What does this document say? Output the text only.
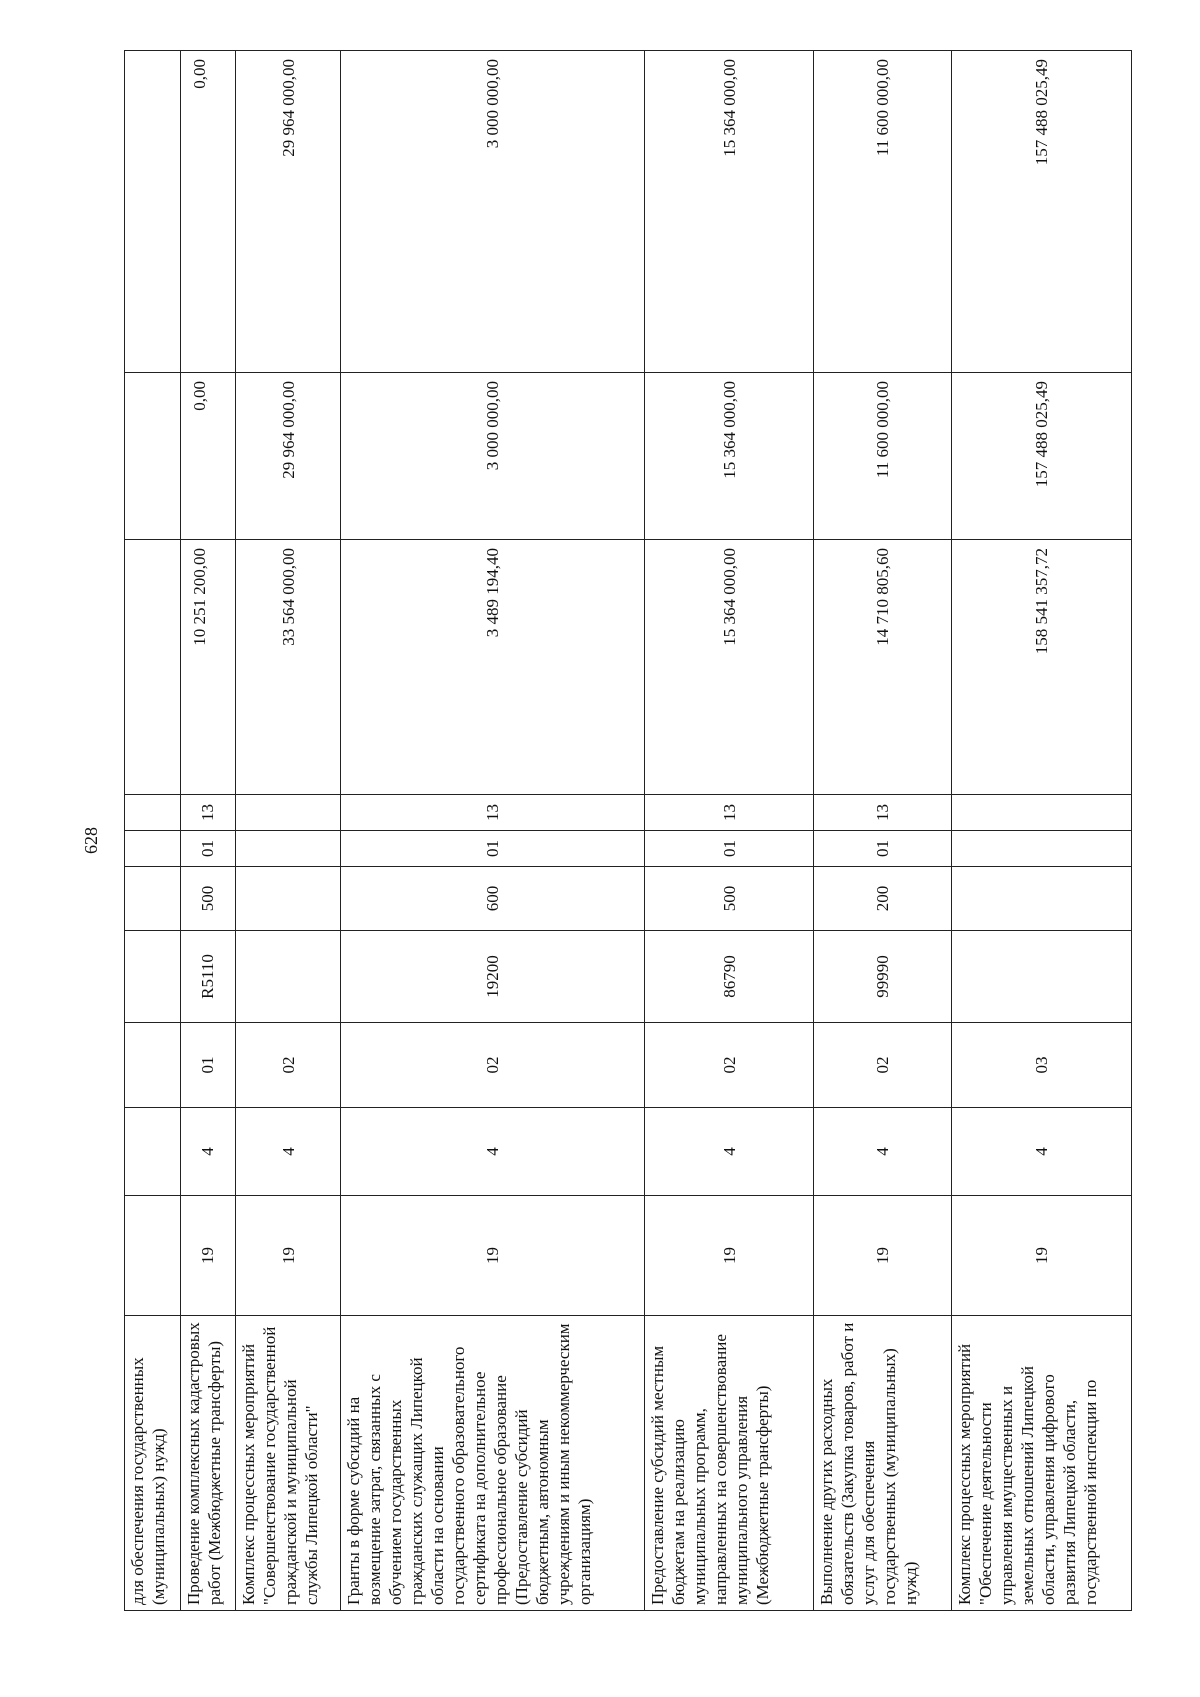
628
для обеспечения государственных (муниципальных) нужд)										
Проведение комплексных кадастровых работ (Межбюджетные трансферты)	19	4	01	R5110	500	01	13	10 251 200,00	0,00	0,00
Комплекс процессных мероприятий "Совершенствование государственной гражданской и муниципальной службы Липецкой области"	19	4	02					33 564 000,00	29 964 000,00	29 964 000,00
Гранты в форме субсидий на возмещение затрат, связанных с обучением государственных гражданских служащих Липецкой области на основании государственного образовательного сертификата на дополнительное профессиональное образование (Предоставление субсидий бюджетным, автономным учреждениям и иным некоммерческим организациям)	19	4	02	19200	600	01	13	3 489 194,40	3 000 000,00	3 000 000,00
Предоставление субсидий местным бюджетам на реализацию муниципальных программ, направленных на совершенствование муниципального управления (Межбюджетные трансферты)	19	4	02	86790	500	01	13	15 364 000,00	15 364 000,00	15 364 000,00
Выполнение других расходных обязательств (Закупка товаров, работ и услуг для обеспечения государственных (муниципальных) нужд)	19	4	02	99990	200	01	13	14 710 805,60	11 600 000,00	11 600 000,00
Комплекс процессных мероприятий "Обеспечение деятельности управления имущественных и земельных отношений Липецкой области, управления цифрового развития Липецкой области, государственной инспекции по	19	4	03					158 541 357,72	157 488 025,49	157 488 025,49
